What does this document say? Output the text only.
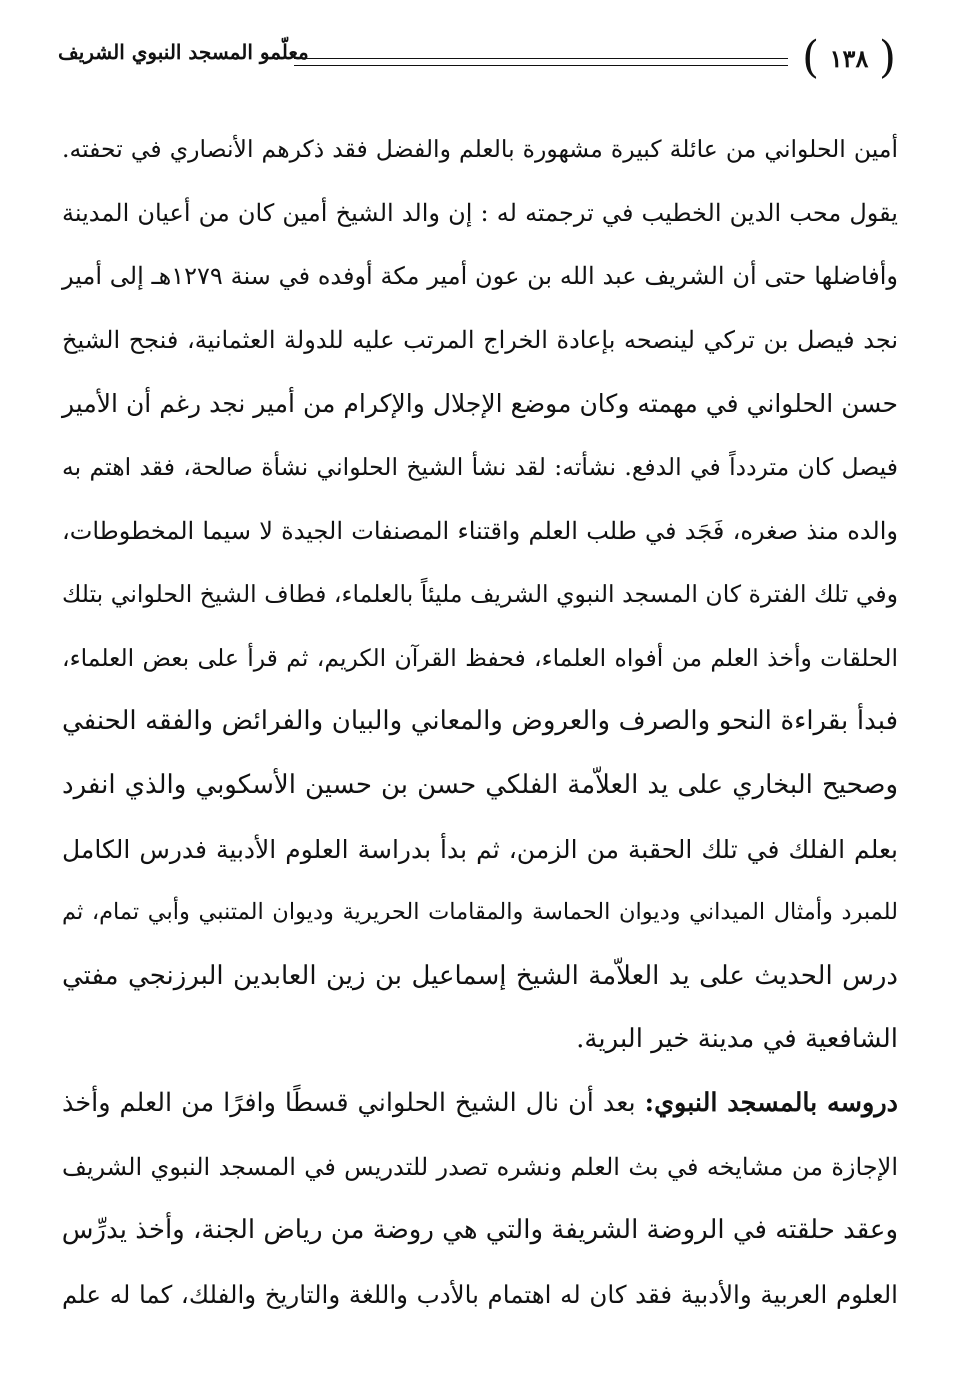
معلّمو المسجد النبوي الشريف	( ١٣٨ )
أمين الحلواني من عائلة كبيرة مشهورة بالعلم والفضل فقد ذكرهم الأنصاري في تحفته.
يقول محب الدين الخطيب في ترجمته له : إن والد الشيخ أمين كان من أعيان المدينة
وأفاضلها حتى أن الشريف عبد الله بن عون أمير مكة أوفده في سنة ١٢٧٩هـ إلى أمير
نجد فيصل بن تركي لينصحه بإعادة الخراج المرتب عليه للدولة العثمانية، فنجح الشيخ
حسن الحلواني في مهمته وكان موضع الإجلال والإكرام من أمير نجد رغم أن الأمير
فيصل كان متردداً في الدفع. نشأته: لقد نشأ الشيخ الحلواني نشأة صالحة، فقد اهتم به
والده منذ صغره، فَجَد في طلب العلم واقتناء المصنفات الجيدة لا سيما المخطوطات،
وفي تلك الفترة كان المسجد النبوي الشريف مليئاً بالعلماء، فطاف الشيخ الحلواني بتلك
الحلقات وأخذ العلم من أفواه العلماء، فحفظ القرآن الكريم، ثم قرأ على بعض العلماء،
فبدأ بقراءة النحو والصرف والعروض والمعاني والبيان والفرائض والفقه الحنفي
وصحيح البخاري على يد العلاّمة الفلكي حسن بن حسين الأسكوبي والذي انفرد
بعلم الفلك في تلك الحقبة من الزمن، ثم بدأ بدراسة العلوم الأدبية فدرس الكامل
للمبرد وأمثال الميداني وديوان الحماسة والمقامات الحريرية وديوان المتنبي وأبي تمام، ثم
درس الحديث على يد العلاّمة الشيخ إسماعيل بن زين العابدين البرزنجي مفتي
الشافعية في مدينة خير البرية.
دروسه بالمسجد النبوي: بعد أن نال الشيخ الحلواني قسطًا وافرًا من العلم وأخذ
الإجازة من مشايخه في بث العلم ونشره تصدر للتدريس في المسجد النبوي الشريف
وعقد حلقته في الروضة الشريفة والتي هي روضة من رياض الجنة، وأخذ يدرِّس
العلوم العربية والأدبية فقد كان له اهتمام بالأدب واللغة والتاريخ والفلك، كما له علم
